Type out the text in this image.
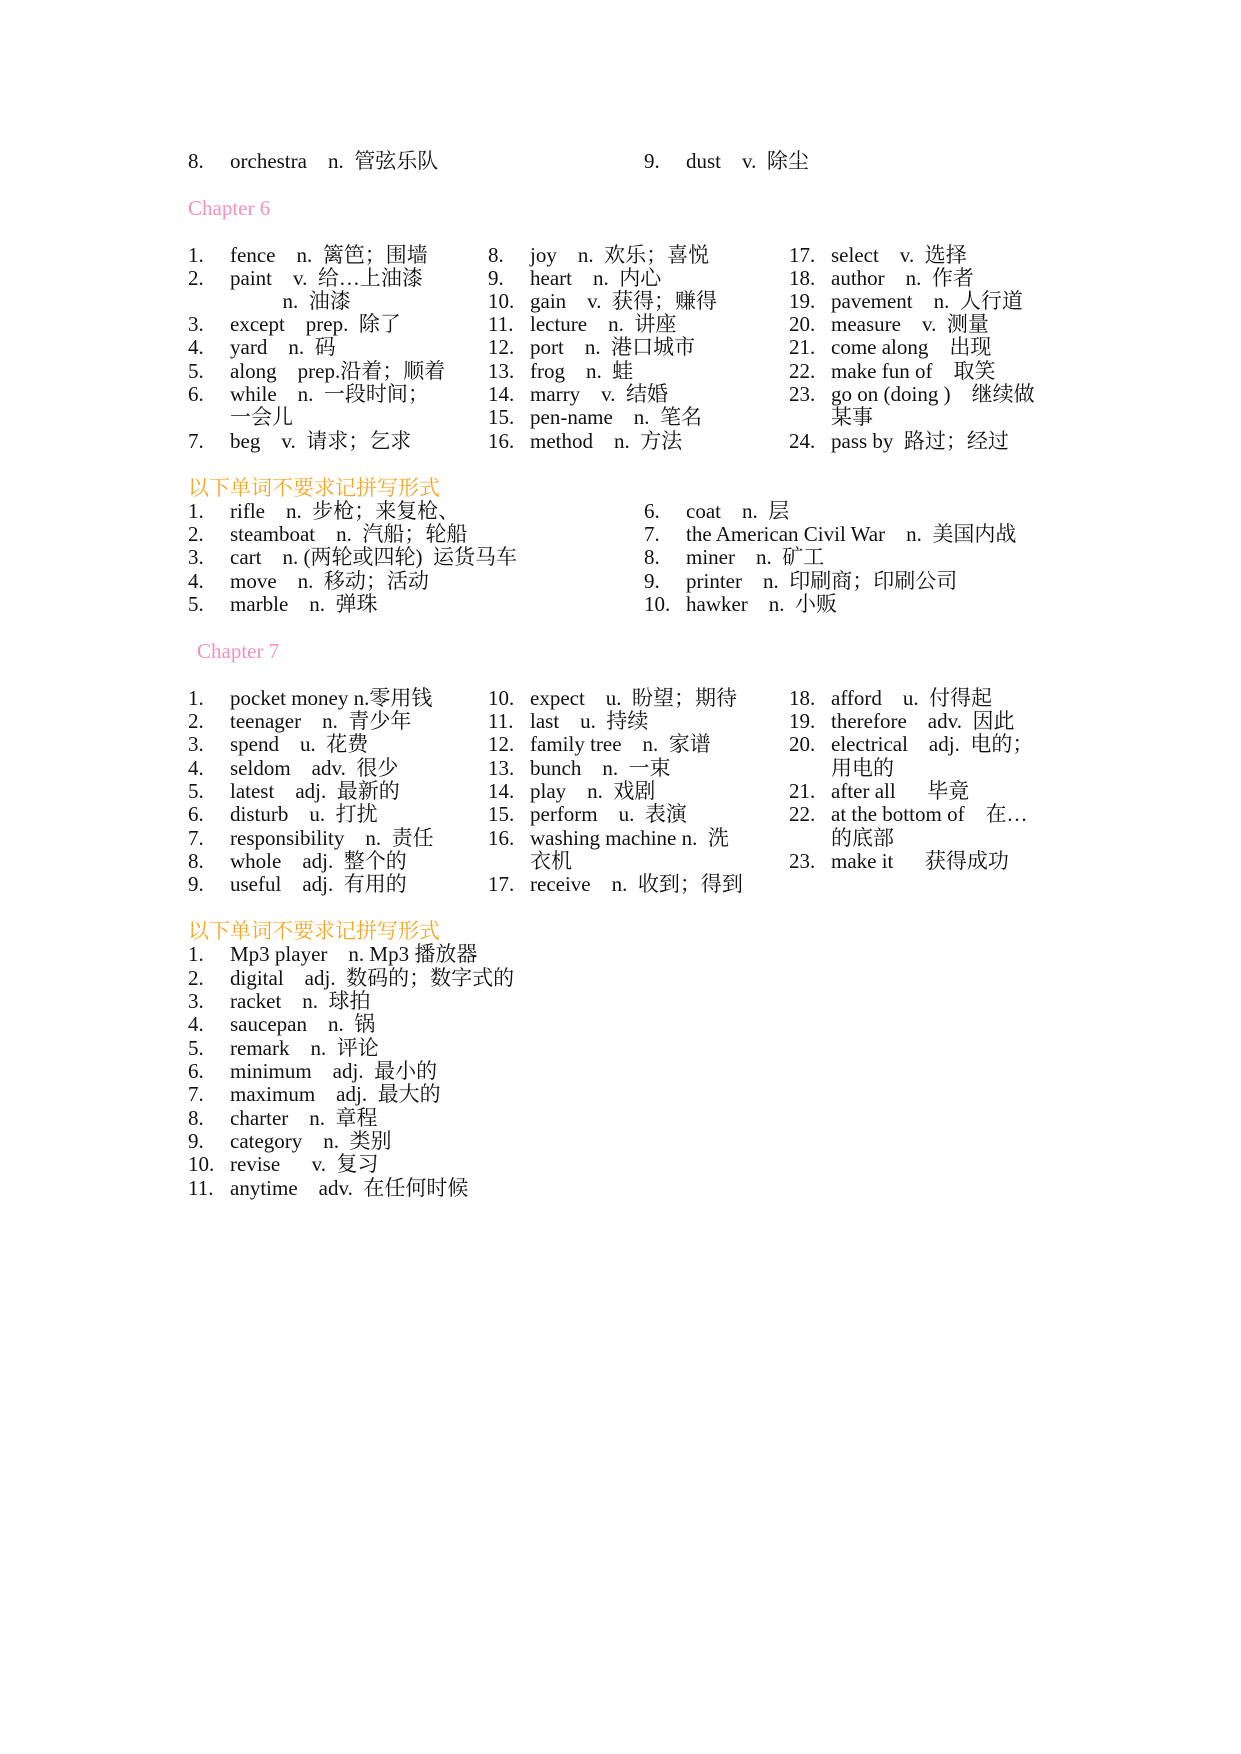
8. orchestra    n.  管弦乐队	9. dust    v.  除尘
Chapter 6
1. fence    n.  篱笆；围墙
2. paint    v.  给…上油漆
n.  油漆
3. except    prep.  除了
4. yard    n.  码
5. along    prep.沿着；顺着
6. while    n.  一段时间；
一会儿
7. beg    v.  请求；乞求
8. joy    n.  欢乐；喜悦
9. heart    n.  内心
10. gain    v.  获得；赚得
11. lecture    n.  讲座
12. port    n.  港口城市
13. frog    n.  蛙
14. marry    v.  结婚
15. pen-name    n.  笔名
16. method    n.  方法
17. select    v.  选择
18. author    n.  作者
19. pavement    n.  人行道
20. measure    v.  测量
21. come along    出现
22. make fun of    取笑
23. go on (doing )    继续做
某事
24. pass by  路过；经过
以下单词不要求记拼写形式
1. rifle    n.  步枪；来复枪、
2. steamboat    n.  汽船；轮船
3. cart    n. (两轮或四轮)  运货马车
4. move    n.  移动；活动
5. marble    n.  弹珠
6. coat    n.  层
7. the American Civil War    n.  美国内战
8. miner    n.  矿工
9. printer    n.  印刷商；印刷公司
10. hawker    n.  小贩
Chapter 7
1. pocket money n.零用钱
2. teenager    n.  青少年
3. spend    u.  花费
4. seldom    adv.  很少
5. latest    adj.  最新的
6. disturb    u.  打扰
7. responsibility    n.  责任
8. whole    adj.  整个的
9. useful    adj.  有用的
10. expect    u.  盼望；期待
11. last    u.  持续
12. family tree    n.  家谱
13. bunch    n.  一束
14. play    n.  戏剧
15. perform    u.  表演
16. washing machine n.  洗
衣机
17. receive    n.  收到；得到
18. afford    u.  付得起
19. therefore    adv.  因此
20. electrical    adj.  电的；
用电的
21. after all      毕竟
22. at the bottom of    在…
的底部
23. make it      获得成功
以下单词不要求记拼写形式
1. Mp3 player    n. Mp3 播放器
2. digital    adj.  数码的；数字式的
3. racket    n.  球拍
4. saucepan    n.  锅
5. remark    n.  评论
6. minimum    adj.  最小的
7. maximum    adj.  最大的
8. charter    n.  章程
9. category    n.  类别
10. revise      v.  复习
11. anytime    adv.  在任何时候
